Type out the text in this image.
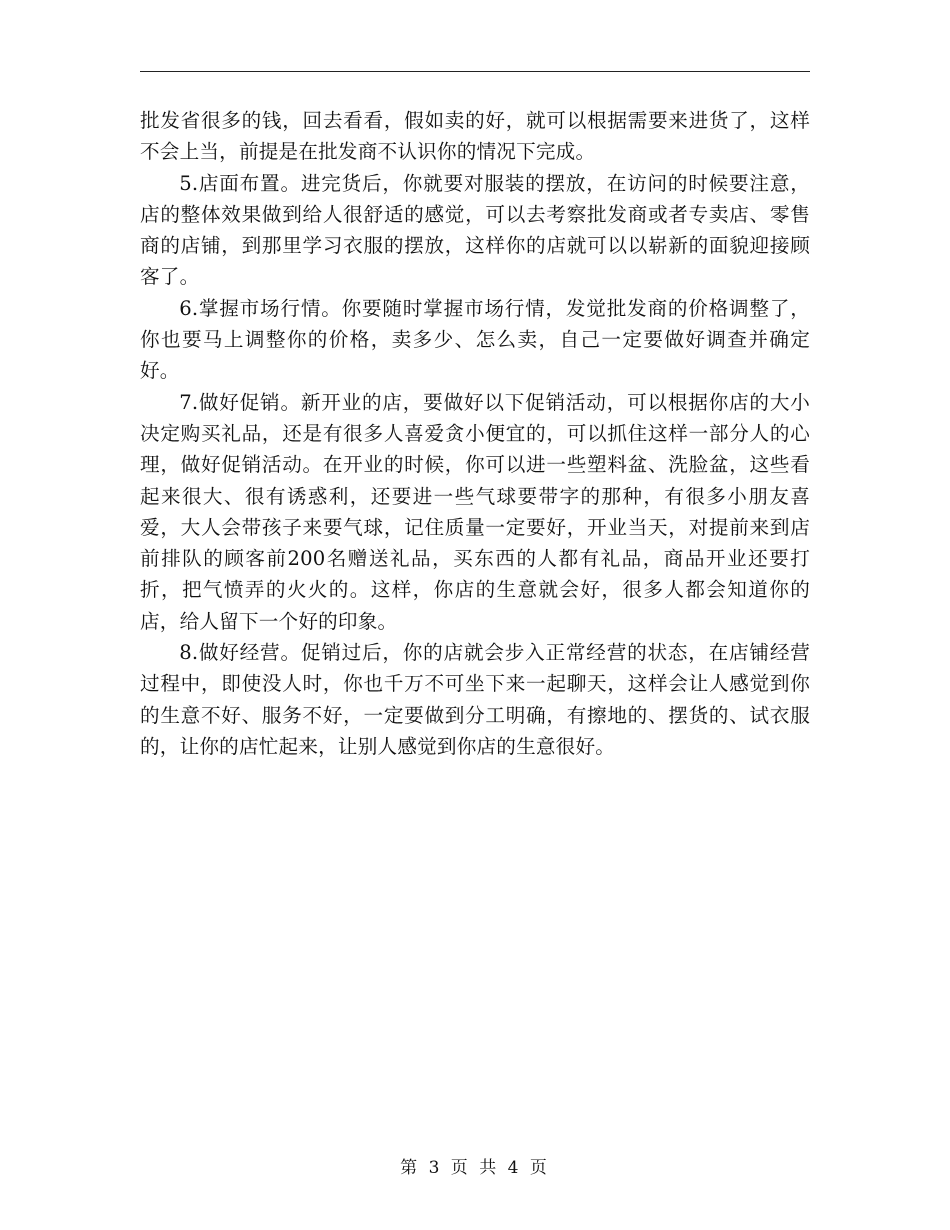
批发省很多的钱，回去看看，假如卖的好，就可以根据需要来进货了，这样不会上当，前提是在批发商不认识你的情况下完成。

5.店面布置。进完货后，你就要对服装的摆放，在访问的时候要注意，店的整体效果做到给人很舒适的感觉，可以去考察批发商或者专卖店、零售商的店铺，到那里学习衣服的摆放，这样你的店就可以以崭新的面貌迎接顾客了。

6.掌握市场行情。你要随时掌握市场行情，发觉批发商的价格调整了，你也要马上调整你的价格，卖多少、怎么卖，自己一定要做好调查并确定好。

7.做好促销。新开业的店，要做好以下促销活动，可以根据你店的大小决定购买礼品，还是有很多人喜爱贪小便宜的，可以抓住这样一部分人的心理，做好促销活动。在开业的时候，你可以进一些塑料盆、洗脸盆，这些看起来很大、很有诱惑利，还要进一些气球要带字的那种，有很多小朋友喜爱，大人会带孩子来要气球，记住质量一定要好，开业当天，对提前来到店前排队的顾客前200名赠送礼品，买东西的人都有礼品，商品开业还要打折，把气愤弄的火火的。这样，你店的生意就会好，很多人都会知道你的店，给人留下一个好的印象。

8.做好经营。促销过后，你的店就会步入正常经营的状态，在店铺经营过程中，即使没人时，你也千万不可坐下来一起聊天，这样会让人感觉到你的生意不好、服务不好，一定要做到分工明确，有擦地的、摆货的、试衣服的，让你的店忙起来，让别人感觉到你店的生意很好。

第 3 页 共 4 页
